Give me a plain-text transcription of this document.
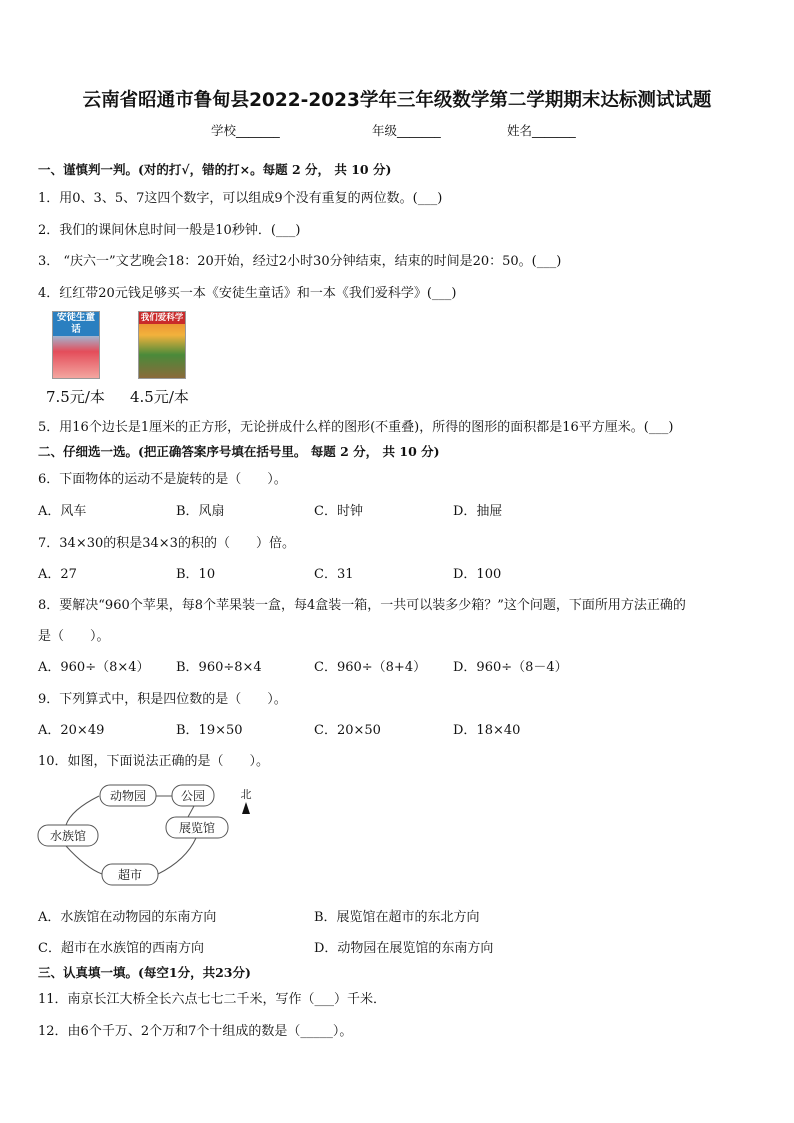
云南省昭通市鲁甸县2022-2023学年三年级数学第二学期期末达标测试试题
学校_______	年级_______	姓名_______
一、谨慎判一判。(对的打√，错的打×。每题 2 分， 共 10 分)
1．用0、3、5、7这四个数字，可以组成9个没有重复的两位数。(___)
2．我们的课间休息时间一般是10秒钟．(___)
3． “庆六一”文艺晚会18：20开始，经过2小时30分钟结束，结束的时间是20：50。(___)
4．红红带20元钱足够买一本《安徒生童话》和一本《我们爱科学》(___)
安徒生童话
我们爱科学
7.5元/本 4.5元/本
5．用16个边长是1厘米的正方形，无论拼成什么样的图形(不重叠)，所得的图形的面积都是16平方厘米。(___)
二、仔细选一选。(把正确答案序号填在括号里。 每题 2 分， 共 10 分)
6．下面物体的运动不是旋转的是（　　）。
A．风车	B．风扇	C．时钟	D．抽屉
7．34×30的积是34×3的积的（　　）倍。
A．27	B．10	C．31	D．100
8．要解决“960个苹果，每8个苹果装一盒，每4盒装一箱，一共可以装多少箱？”这个问题，下面所用方法正确的
是（　　）。
A．960÷（8×4） B．960÷8×4	C．960÷（8+4） D．960÷（8－4）
9．下列算式中，积是四位数的是（　　）。
A．20×49	B．19×50	C．20×50	D．18×40
10．如图，下面说法正确的是（　　）。
动物园	公园
展览馆
水族馆
超市
北
A．水族馆在动物园的东南方向	B．展览馆在超市的东北方向
C．超市在水族馆的西南方向	D．动物园在展览馆的东南方向
三、认真填一填。(每空1分，共23分)
11．南京长江大桥全长六点七七二千米，写作（___）千米．
12．由6个千万、2个万和7个十组成的数是（_____）。
